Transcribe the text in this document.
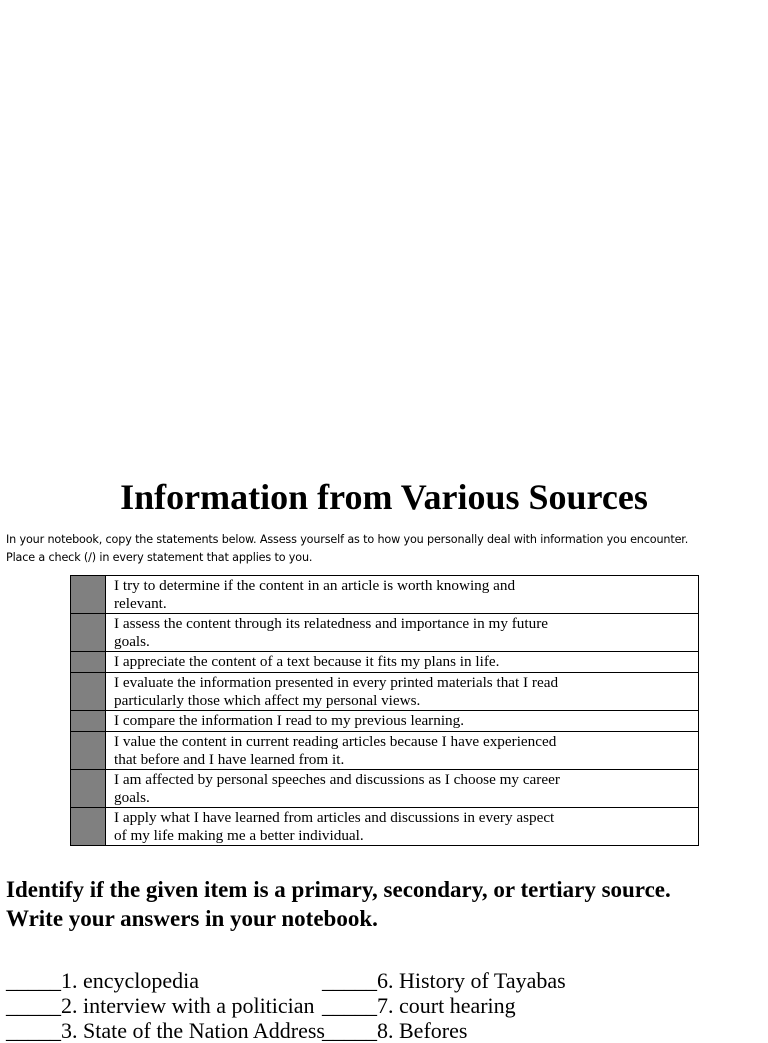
Information from Various Sources
In your notebook, copy the statements below. Assess yourself as to how you personally deal with information you encounter.
Place a check (/) in every statement that applies to you.
I try to determine if the content in an article is worth knowing and
relevant.
I assess the content through its relatedness and importance in my future
goals.
I appreciate the content of a text because it fits my plans in life.
I evaluate the information presented in every printed materials that I read
particularly those which affect my personal views.
I compare the information I read to my previous learning.
I value the content in current reading articles because I have experienced
that before and I have learned from it.
I am affected by personal speeches and discussions as I choose my career
goals.
I apply what I have learned from articles and discussions in every aspect
of my life making me a better individual.
Identify if the given item is a primary, secondary, or tertiary source.
Write your answers in your notebook.
_____1. encyclopedia	_____6. History of Tayabas
_____2. interview with a politician _____7. court hearing
_____3. State of the Nation Address
_____8. Befores
